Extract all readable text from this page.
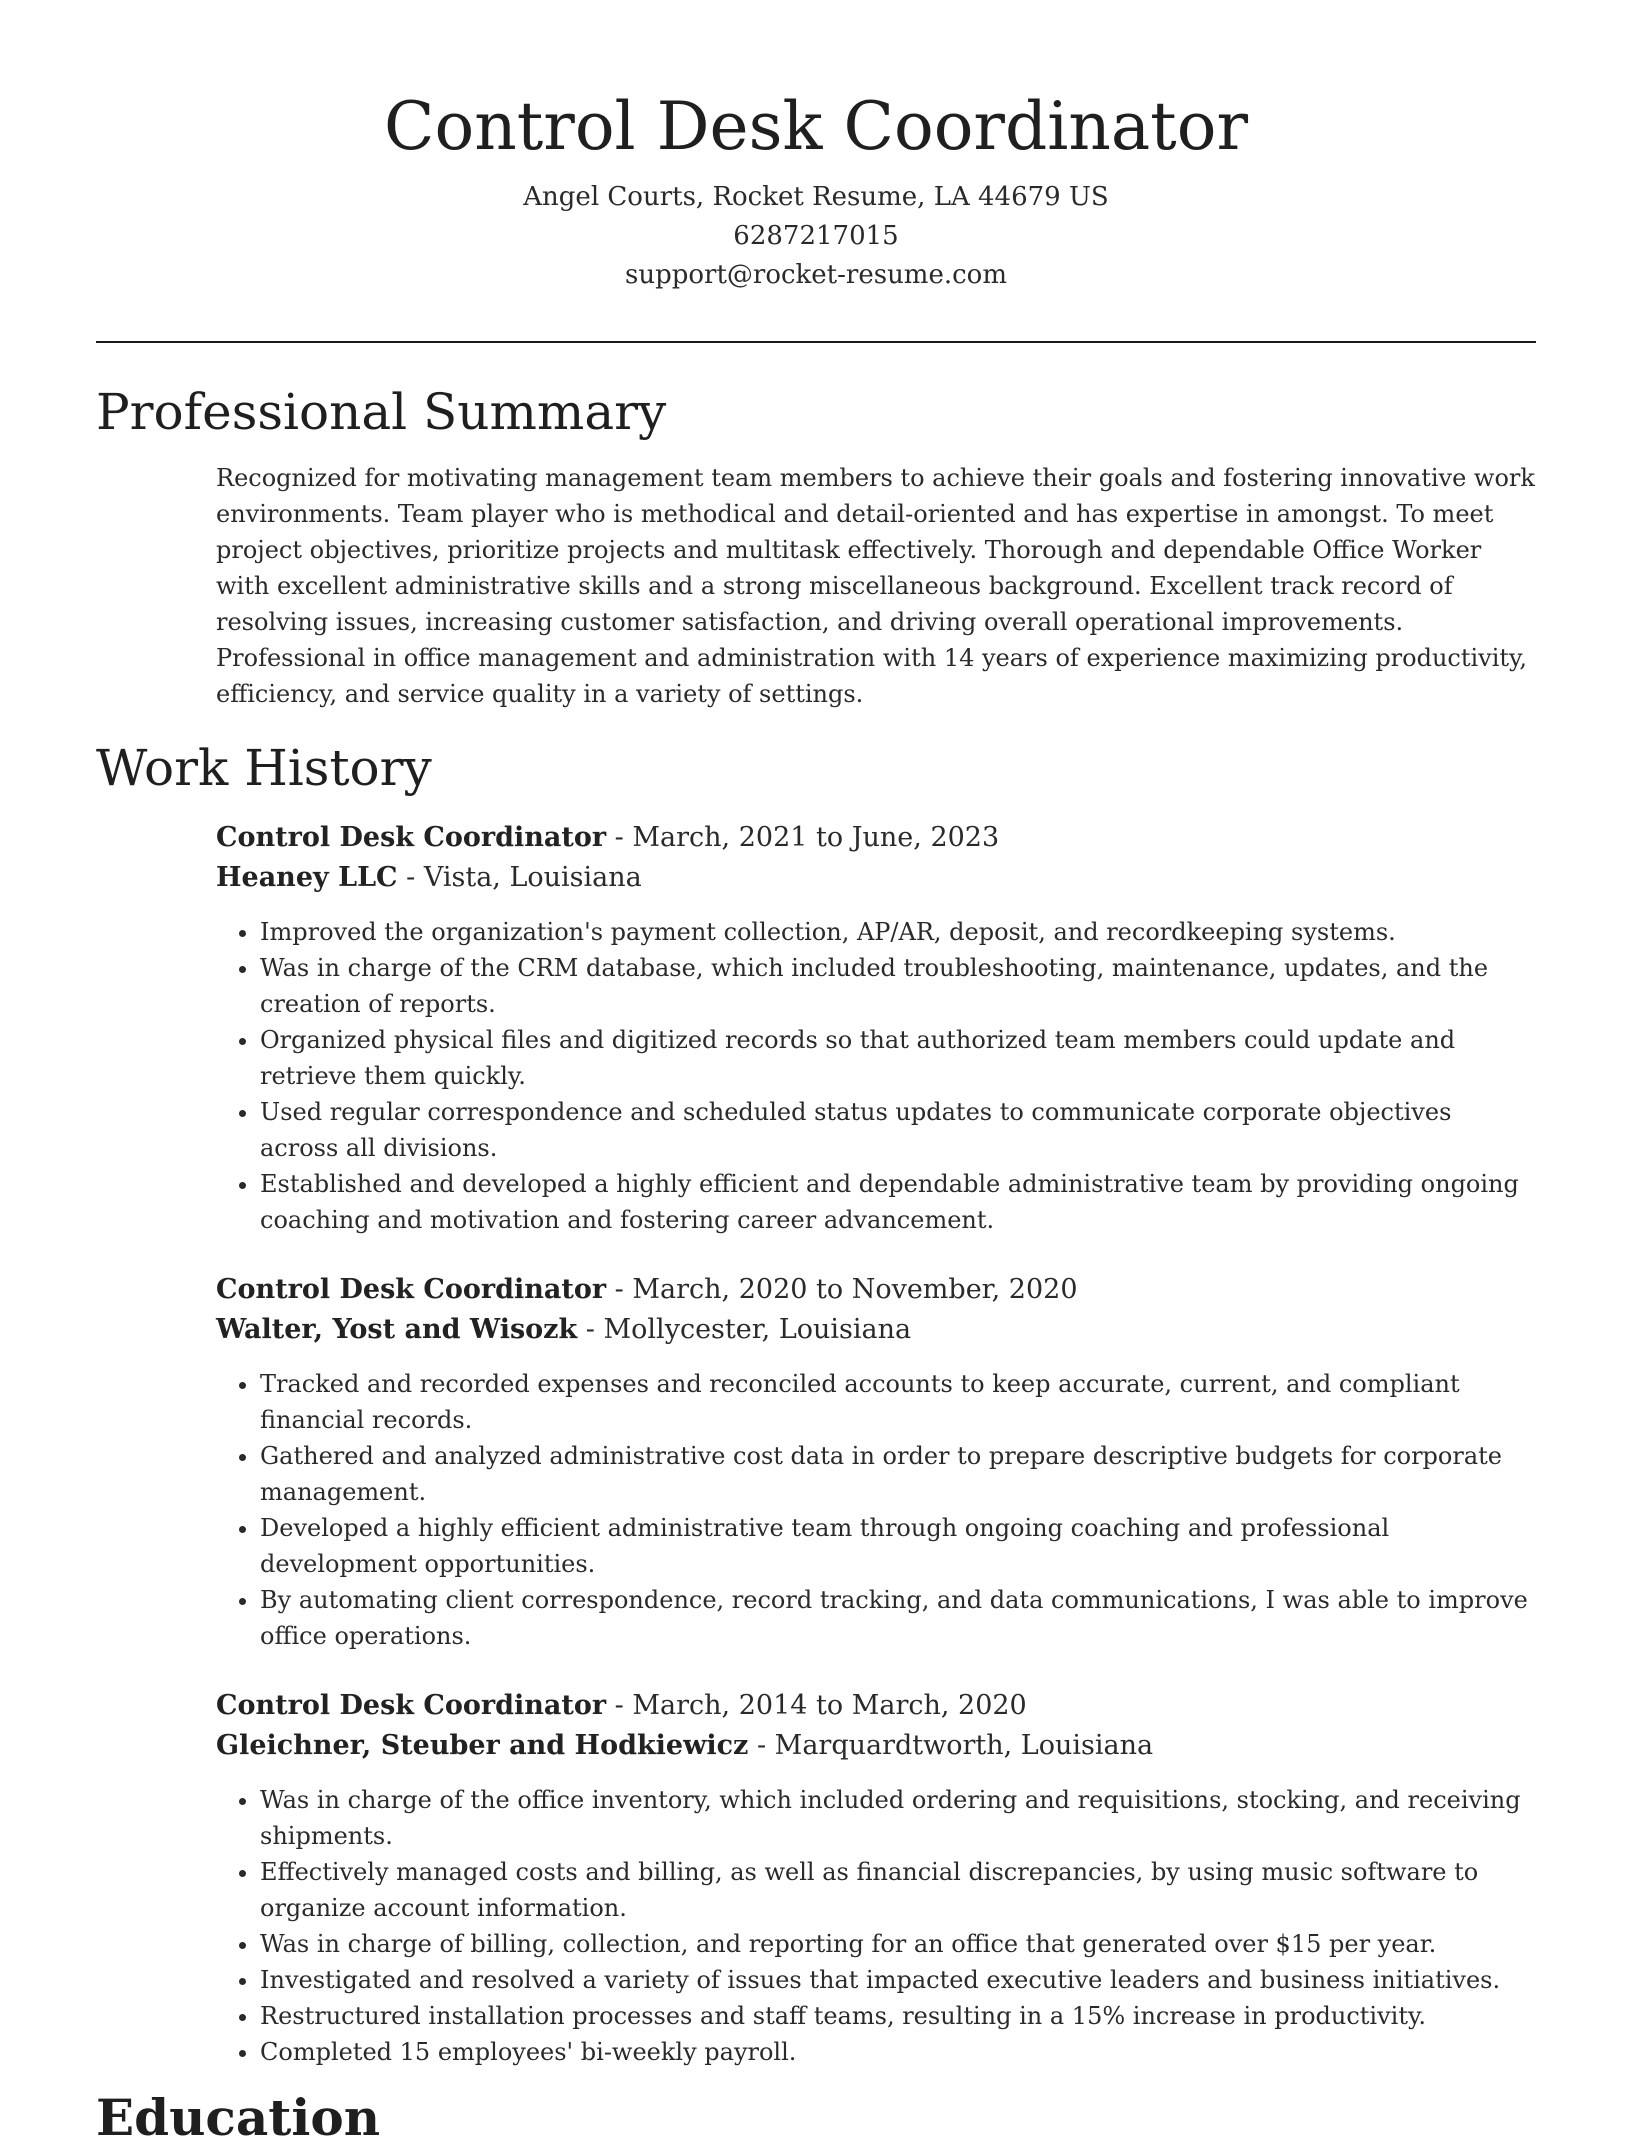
Control Desk Coordinator
Angel Courts, Rocket Resume, LA 44679 US
6287217015
support@rocket-resume.com
Professional Summary

Recognized for motivating management team members to achieve their goals and fostering innovative work environments. Team player who is methodical and detail-oriented and has expertise in amongst. To meet project objectives, prioritize projects and multitask effectively. Thorough and dependable Office Worker with excellent administrative skills and a strong miscellaneous background. Excellent track record of resolving issues, increasing customer satisfaction, and driving overall operational improvements. Professional in office management and administration with 14 years of experience maximizing productivity, efficiency, and service quality in a variety of settings.

Work History
Control Desk Coordinator - March, 2021 to June, 2023
Heaney LLC - Vista, Louisiana
• Improved the organization's payment collection, AP/AR, deposit, and recordkeeping systems.
• Was in charge of the CRM database, which included troubleshooting, maintenance, updates, and the creation of reports.
• Organized physical files and digitized records so that authorized team members could update and retrieve them quickly.
• Used regular correspondence and scheduled status updates to communicate corporate objectives across all divisions.
• Established and developed a highly efficient and dependable administrative team by providing ongoing coaching and motivation and fostering career advancement.
Control Desk Coordinator - March, 2020 to November, 2020
Walter, Yost and Wisozk - Mollycester, Louisiana
• Tracked and recorded expenses and reconciled accounts to keep accurate, current, and compliant financial records.
• Gathered and analyzed administrative cost data in order to prepare descriptive budgets for corporate management.
• Developed a highly efficient administrative team through ongoing coaching and professional development opportunities.
• By automating client correspondence, record tracking, and data communications, I was able to improve office operations.
Control Desk Coordinator - March, 2014 to March, 2020
Gleichner, Steuber and Hodkiewicz - Marquardtworth, Louisiana
• Was in charge of the office inventory, which included ordering and requisitions, stocking, and receiving shipments.
• Effectively managed costs and billing, as well as financial discrepancies, by using music software to organize account information.
• Was in charge of billing, collection, and reporting for an office that generated over $15 per year.
• Investigated and resolved a variety of issues that impacted executive leaders and business initiatives.
• Restructured installation processes and staff teams, resulting in a 15% increase in productivity.
• Completed 15 employees' bi-weekly payroll.
Education
